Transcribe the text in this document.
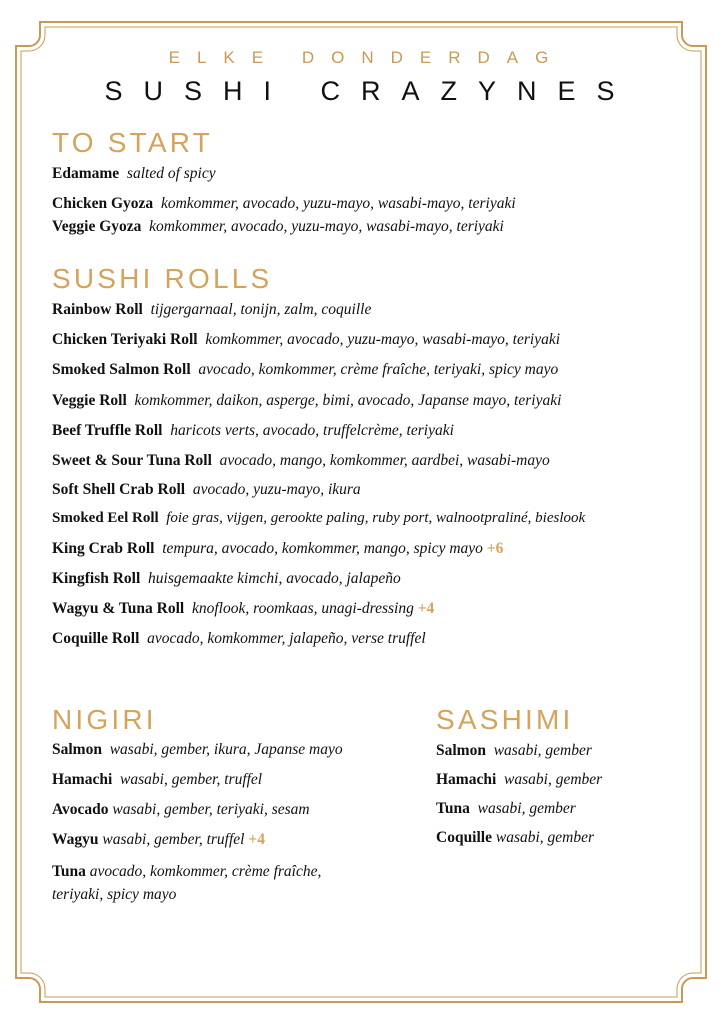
ELKE DONDERDAG
SUSHI CRAZYNES
TO START
Edamame salted of spicy
Chicken Gyoza komkommer, avocado, yuzu-mayo, wasabi-mayo, teriyaki
Veggie Gyoza komkommer, avocado, yuzu-mayo, wasabi-mayo, teriyaki
SUSHI ROLLS
Rainbow Roll tijgergarnaal, tonijn, zalm, coquille
Chicken Teriyaki Roll komkommer, avocado, yuzu-mayo, wasabi-mayo, teriyaki
Smoked Salmon Roll avocado, komkommer, crème fraîche, teriyaki, spicy mayo
Veggie Roll komkommer, daikon, asperge, bimi, avocado, Japanse mayo, teriyaki
Beef Truffle Roll haricots verts, avocado, truffelcrème, teriyaki
Sweet & Sour Tuna Roll avocado, mango, komkommer, aardbei, wasabi-mayo
Soft Shell Crab Roll avocado, yuzu-mayo, ikura
Smoked Eel Roll foie gras, vijgen, gerookte paling, ruby port, walnootpraliné, bieslook
King Crab Roll tempura, avocado, komkommer, mango, spicy mayo +6
Kingfish Roll huisgemaakte kimchi, avocado, jalapeño
Wagyu & Tuna Roll knoflook, roomkaas, unagi-dressing +4
Coquille Roll avocado, komkommer, jalapeño, verse truffel
NIGIRI
Salmon wasabi, gember, ikura, Japanse mayo
Hamachi wasabi, gember, truffel
Avocado wasabi, gember, teriyaki, sesam
Wagyu wasabi, gember, truffel +4
Tuna avocado, komkommer, crème fraîche, teriyaki, spicy mayo
SASHIMI
Salmon wasabi, gember
Hamachi wasabi, gember
Tuna wasabi, gember
Coquille wasabi, gember
